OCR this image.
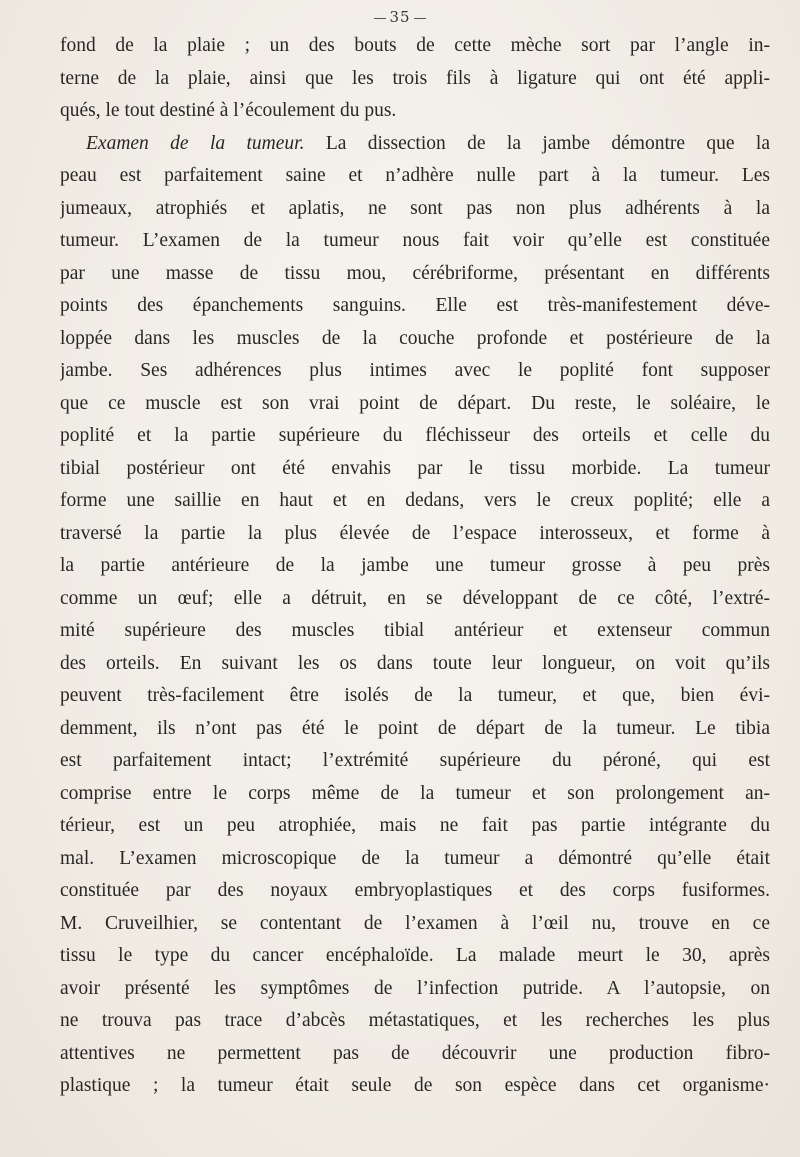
35
fond de la plaie ; un des bouts de cette mèche sort par l’angle in-
terne de la plaie, ainsi que les trois fils à ligature qui ont été appli-
qués, le tout destiné à l’écoulement du pus.
Examen de la tumeur. La dissection de la jambe démontre que la
peau est parfaitement saine et n’adhère nulle part à la tumeur. Les
jumeaux, atrophiés et aplatis, ne sont pas non plus adhérents à la
tumeur. L’examen de la tumeur nous fait voir qu’elle est constituée
par une masse de tissu mou, cérébriforme, présentant en différents
points des épanchements sanguins. Elle est très-manifestement déve-
loppée dans les muscles de la couche profonde et postérieure de la
jambe. Ses adhérences plus intimes avec le poplité font supposer
que ce muscle est son vrai point de départ. Du reste, le soléaire, le
poplité et la partie supérieure du fléchisseur des orteils et celle du
tibial postérieur ont été envahis par le tissu morbide. La tumeur
forme une saillie en haut et en dedans, vers le creux poplité; elle a
traversé la partie la plus élevée de l’espace interosseux, et forme à
la partie antérieure de la jambe une tumeur grosse à peu près
comme un œuf; elle a détruit, en se développant de ce côté, l’extré-
mité supérieure des muscles tibial antérieur et extenseur commun
des orteils. En suivant les os dans toute leur longueur, on voit qu’ils
peuvent très-facilement être isolés de la tumeur, et que, bien évi-
demment, ils n’ont pas été le point de départ de la tumeur. Le tibia
est parfaitement intact; l’extrémité supérieure du péroné, qui est
comprise entre le corps même de la tumeur et son prolongement an-
térieur, est un peu atrophiée, mais ne fait pas partie intégrante du
mal. L’examen microscopique de la tumeur a démontré qu’elle était
constituée par des noyaux embryoplastiques et des corps fusiformes.
M. Cruveilhier, se contentant de l’examen à l’œil nu, trouve en ce
tissu le type du cancer encéphaloïde. La malade meurt le 30, après
avoir présenté les symptômes de l’infection putride. A l’autopsie, on
ne trouva pas trace d’abcès métastatiques, et les recherches les plus
attentives ne permettent pas de découvrir une production fibro-
plastique ; la tumeur était seule de son espèce dans cet organisme·
